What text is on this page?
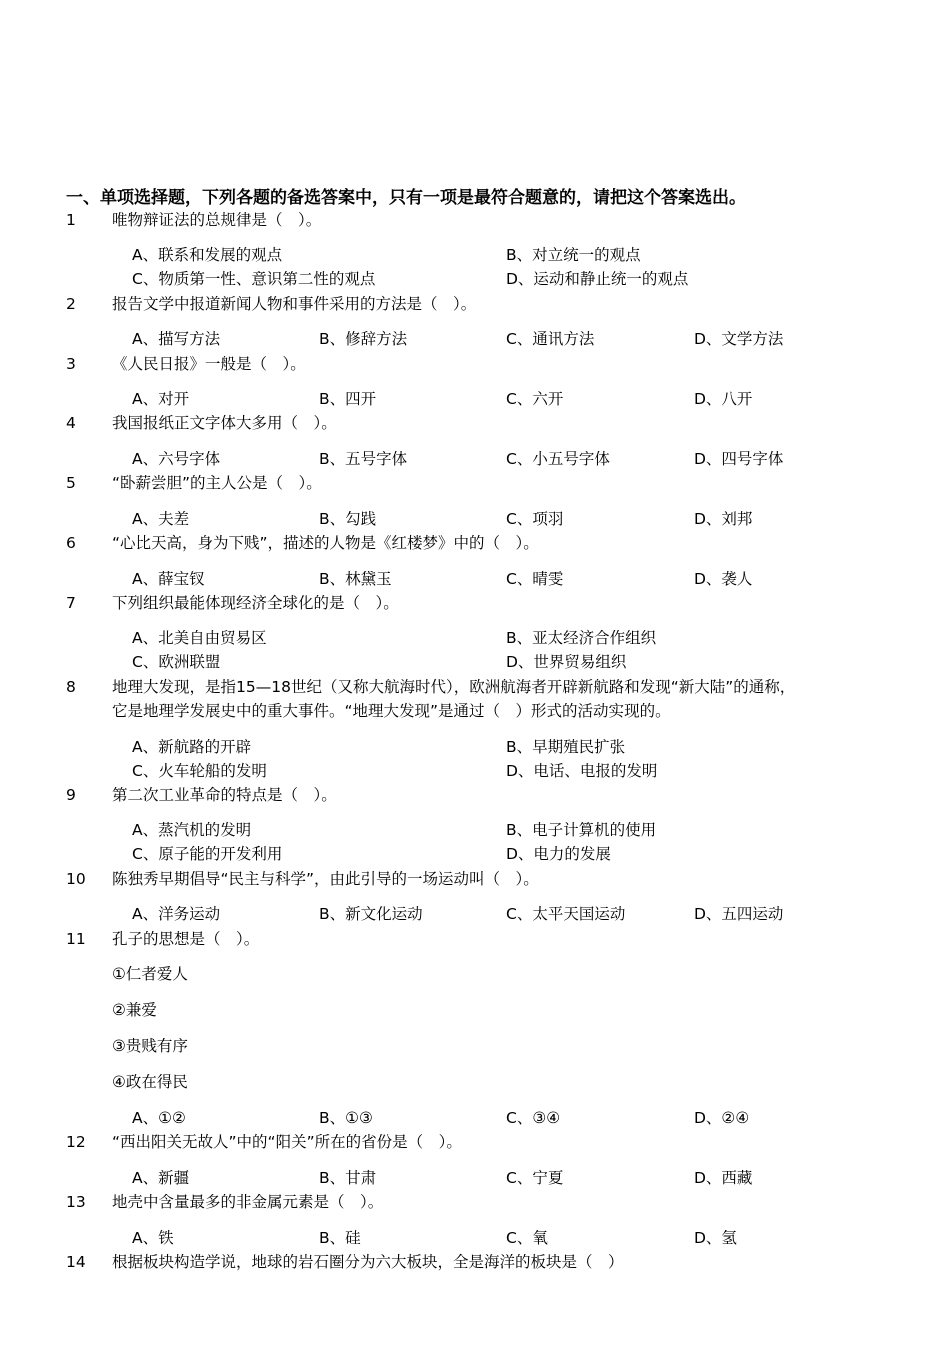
一、单项选择题，下列各题的备选答案中，只有一项是最符合题意的，请把这个答案选出。
1 唯物辩证法的总规律是（　）。
A、联系和发展的观点	B、对立统一的观点
C、物质第一性、意识第二性的观点	D、运动和静止统一的观点
2 报告文学中报道新闻人物和事件采用的方法是（　）。
A、描写方法	B、修辞方法	C、通讯方法	D、文学方法
3 《人民日报》一般是（　）。
A、对开	B、四开	C、六开	D、八开
4 我国报纸正文字体大多用（　）。
A、六号字体	B、五号字体	C、小五号字体	D、四号字体
5 “卧薪尝胆”的主人公是（　）。
A、夫差	B、勾践	C、项羽	D、刘邦
6 “心比天高，身为下贱”，描述的人物是《红楼梦》中的（　）。
A、薛宝钗	B、林黛玉	C、晴雯	D、袭人
7 下列组织最能体现经济全球化的是（　）。
A、北美自由贸易区	B、亚太经济合作组织
C、欧洲联盟	D、世界贸易组织
8 地理大发现，是指15—18世纪（又称大航海时代），欧洲航海者开辟新航路和发现“新大陆”的通称，
它是地理学发展史中的重大事件。“地理大发现”是通过（　）形式的活动实现的。
A、新航路的开辟	B、早期殖民扩张
C、火车轮船的发明	D、电话、电报的发明
9 第二次工业革命的特点是（　）。
A、蒸汽机的发明	B、电子计算机的使用
C、原子能的开发利用	D、电力的发展
10 陈独秀早期倡导“民主与科学”，由此引导的一场运动叫（　）。
A、洋务运动	B、新文化运动	C、太平天国运动	D、五四运动
11 孔子的思想是（　）。
①仁者爱人
②兼爱
③贵贱有序
④政在得民
A、①②	B、①③	C、③④	D、②④
12 “西出阳关无故人”中的“阳关”所在的省份是（　）。
A、新疆	B、甘肃	C、宁夏	D、西藏
13 地壳中含量最多的非金属元素是（　）。
A、铁	B、硅	C、氧	D、氢
14 根据板块构造学说，地球的岩石圈分为六大板块，全是海洋的板块是（　）
